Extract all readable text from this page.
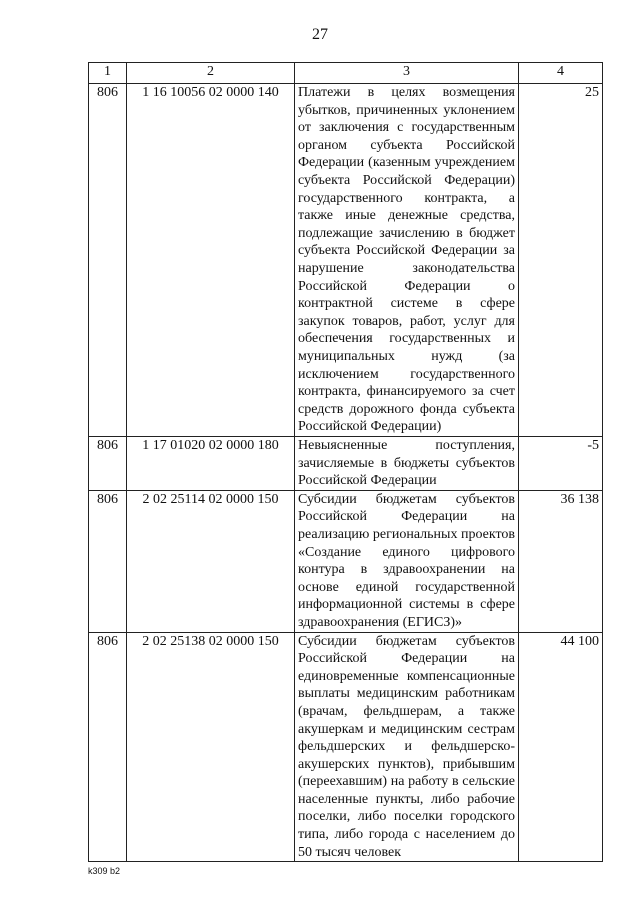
27
1	2	3	4
806	1 16 10056 02 0000 140	Платежи в целях возмещения убытков, причиненных уклонением от заключения с государственным органом субъекта Российской Федерации (казенным учреждением субъекта Российской Федерации) государственного контракта, а также иные денежные средства, подлежащие зачислению в бюджет субъекта Российской Федерации за нарушение законодательства Российской Федерации о контрактной системе в сфере закупок товаров, работ, услуг для обеспечения государственных и муниципальных нужд (за исключением государственного контракта, финансируемого за счет средств дорожного фонда субъекта Российской Федерации)	25
806	1 17 01020 02 0000 180	Невыясненные поступления, зачисляемые в бюджеты субъектов Российской Федерации	-5
806	2 02 25114 02 0000 150	Субсидии бюджетам субъектов Российской Федерации на реализацию региональных проектов «Создание единого цифрового контура в здравоохранении на основе единой государственной информационной системы в сфере здравоохранения (ЕГИСЗ)»	36 138
806	2 02 25138 02 0000 150	Субсидии бюджетам субъектов Российской Федерации на единовременные компенсационные выплаты медицинским работникам (врачам, фельдшерам, а также акушеркам и медицинским сестрам фельдшерских и фельдшерско-акушерских пунктов), прибывшим (переехавшим) на работу в сельские населенные пункты, либо рабочие поселки, либо поселки городского типа, либо города с населением до 50 тысяч человек	44 100
k309 b2
